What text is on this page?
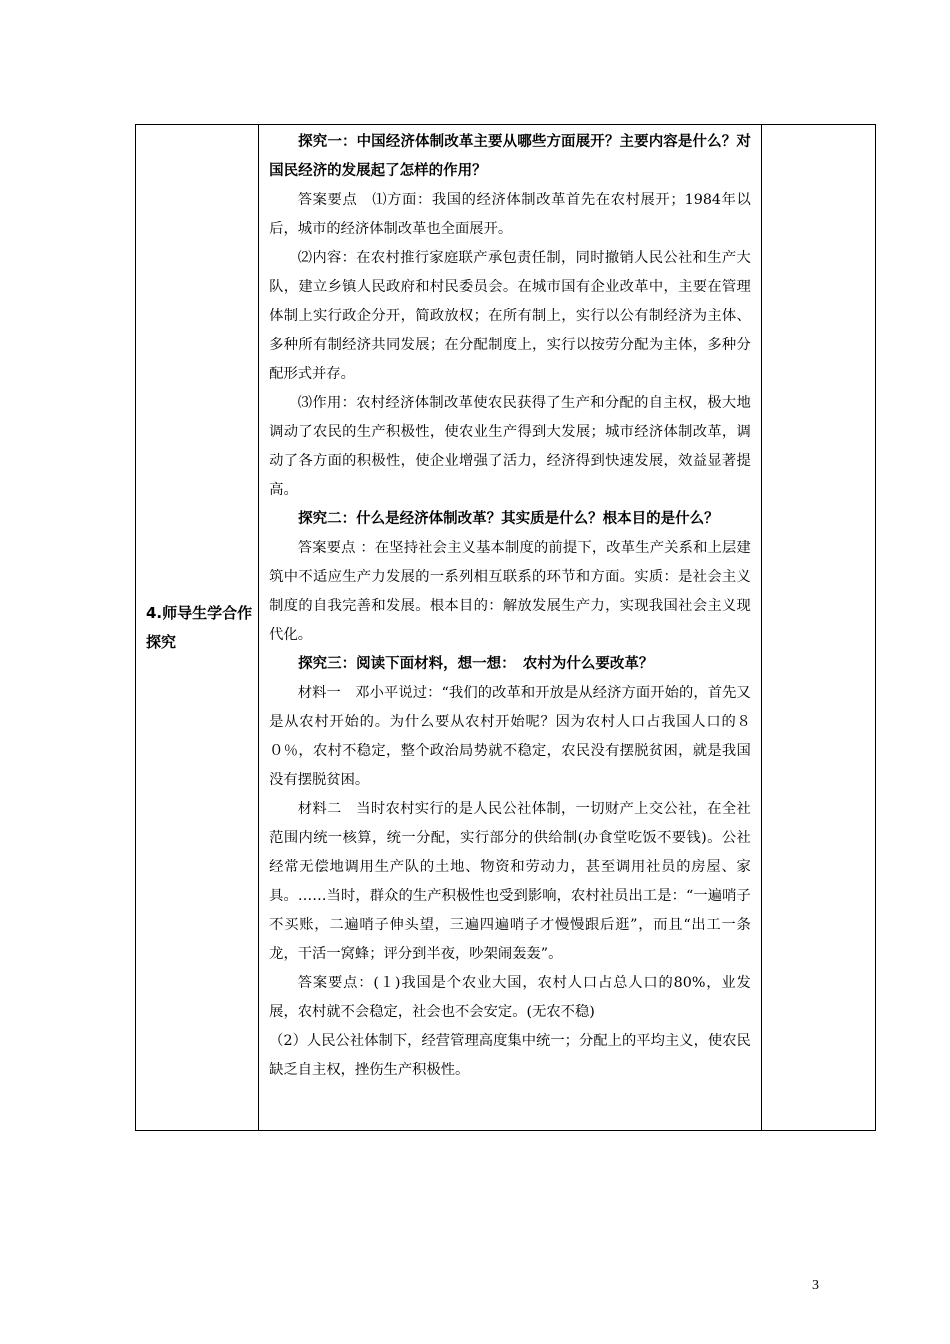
4.师导生学合作探究	

探究一：中国经济体制改革主要从哪些方面展开？主要内容是什么？对国民经济的发展起了怎样的作用？

答案要点　⑴方面：我国的经济体制改革首先在农村展开；1984年以后，城市的经济体制改革也全面展开。

⑵内容：在农村推行家庭联产承包责任制，同时撤销人民公社和生产大队，建立乡镇人民政府和村民委员会。在城市国有企业改革中，主要在管理体制上实行政企分开，简政放权；在所有制上，实行以公有制经济为主体、多种所有制经济共同发展；在分配制度上，实行以按劳分配为主体，多种分配形式并存。

⑶作用：农村经济体制改革使农民获得了生产和分配的自主权，极大地调动了农民的生产积极性，使农业生产得到大发展；城市经济体制改革，调动了各方面的积极性，使企业增强了活力，经济得到快速发展，效益显著提高。

探究二：什么是经济体制改革？其实质是什么？根本目的是什么？

答案要点 ：在坚持社会主义基本制度的前提下，改革生产关系和上层建筑中不适应生产力发展的一系列相互联系的环节和方面。实质：是社会主义制度的自我完善和发展。根本目的：解放发展生产力，实现我国社会主义现代化。

探究三：阅读下面材料，想一想：　农村为什么要改革？

材料一　邓小平说过：“我们的改革和开放是从经济方面开始的，首先又是从农村开始的。为什么要从农村开始呢？因为农村人口占我国人口的８０％，农村不稳定，整个政治局势就不稳定，农民没有摆脱贫困，就是我国没有摆脱贫困。

材料二　当时农村实行的是人民公社体制，一切财产上交公社，在全社范围内统一核算，统一分配，实行部分的供给制(办食堂吃饭不要钱)。公社经常无偿地调用生产队的土地、物资和劳动力，甚至调用社员的房屋、家具。……当时，群众的生产积极性也受到影响，农村社员出工是：“一遍哨子不买账，二遍哨子伸头望，三遍四遍哨子才慢慢跟后逛”，而且“出工一条龙，干活一窝蜂；评分到半夜，吵架闹轰轰”。

答案要点：(１)我国是个农业大国，农村人口占总人口的80%，业发展，农村就不会稳定，社会也不会安定。(无农不稳)

（2）人民公社体制下，经营管理高度集中统一；分配上的平均主义，使农民缺乏自主权，挫伤生产积极性。

3
